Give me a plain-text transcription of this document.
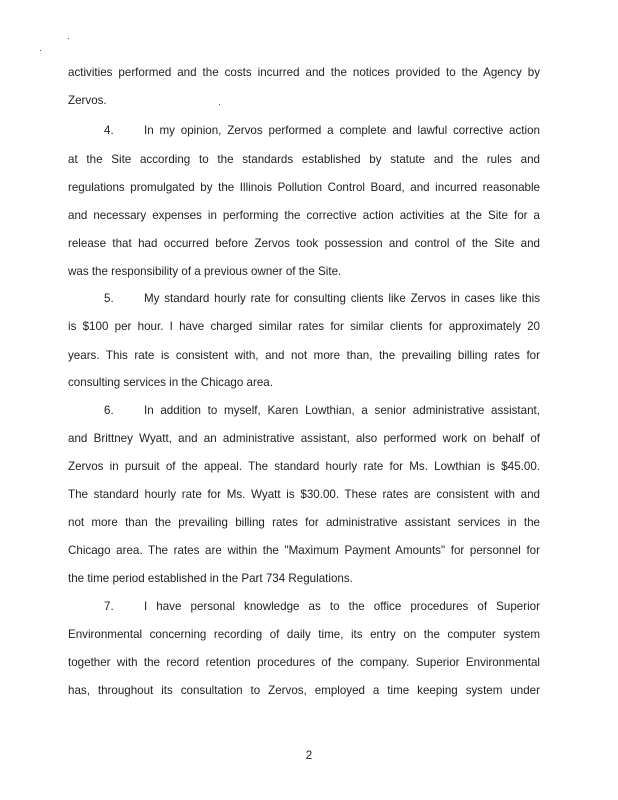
activities performed and the costs incurred and the notices provided to the Agency by
Zervos.
4.	In my opinion, Zervos performed a complete and lawful corrective action
at the Site according to the standards established by statute and the rules and
regulations promulgated by the Illinois Pollution Control Board, and incurred reasonable
and necessary expenses in performing the corrective action activities at the Site for a
release that had occurred before Zervos took possession and control of the Site and
was the responsibility of a previous owner of the Site.
5.	My standard hourly rate for consulting clients like Zervos in cases like this
is $100 per hour. I have charged similar rates for similar clients for approximately 20
years. This rate is consistent with, and not more than, the prevailing billing rates for
consulting services in the Chicago area.
6.	In addition to myself, Karen Lowthian, a senior administrative assistant,
and Brittney Wyatt, and an administrative assistant, also performed work on behalf of
Zervos in pursuit of the appeal. The standard hourly rate for Ms. Lowthian is $45.00.
The standard hourly rate for Ms. Wyatt is $30.00. These rates are consistent with and
not more than the prevailing billing rates for administrative assistant services in the
Chicago area. The rates are within the "Maximum Payment Amounts" for personnel for
the time period established in the Part 734 Regulations.
7.	I have personal knowledge as to the office procedures of Superior
Environmental concerning recording of daily time, its entry on the computer system
together with the record retention procedures of the company. Superior Environmental
has, throughout its consultation to Zervos, employed a time keeping system under
2
